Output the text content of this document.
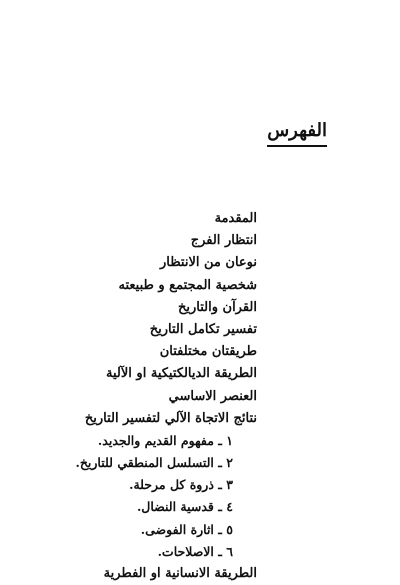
الفهرس
المقدمة
انتظار الفرج
نوعان من الانتظار
شخصية المجتمع و طبيعته
القرآن والتاريخ
تفسير تكامل التاريخ
طريقتان مختلفتان
الطريقة الديالكتيكية او الآلية
العنصر الاساسي
نتائج الاتجاة الآلي لتفسير التاريخ
١ ـ مفهوم القديم والجديد.
٢ ـ التسلسل المنطقي للتاريخ.
٣ ـ ذروة كل مرحلة.
٤ ـ قدسية النضال.
٥ ـ اثارة الفوضى.
٦ ـ الاصلاحات.
الطريقة الانسانية او الفطرية
